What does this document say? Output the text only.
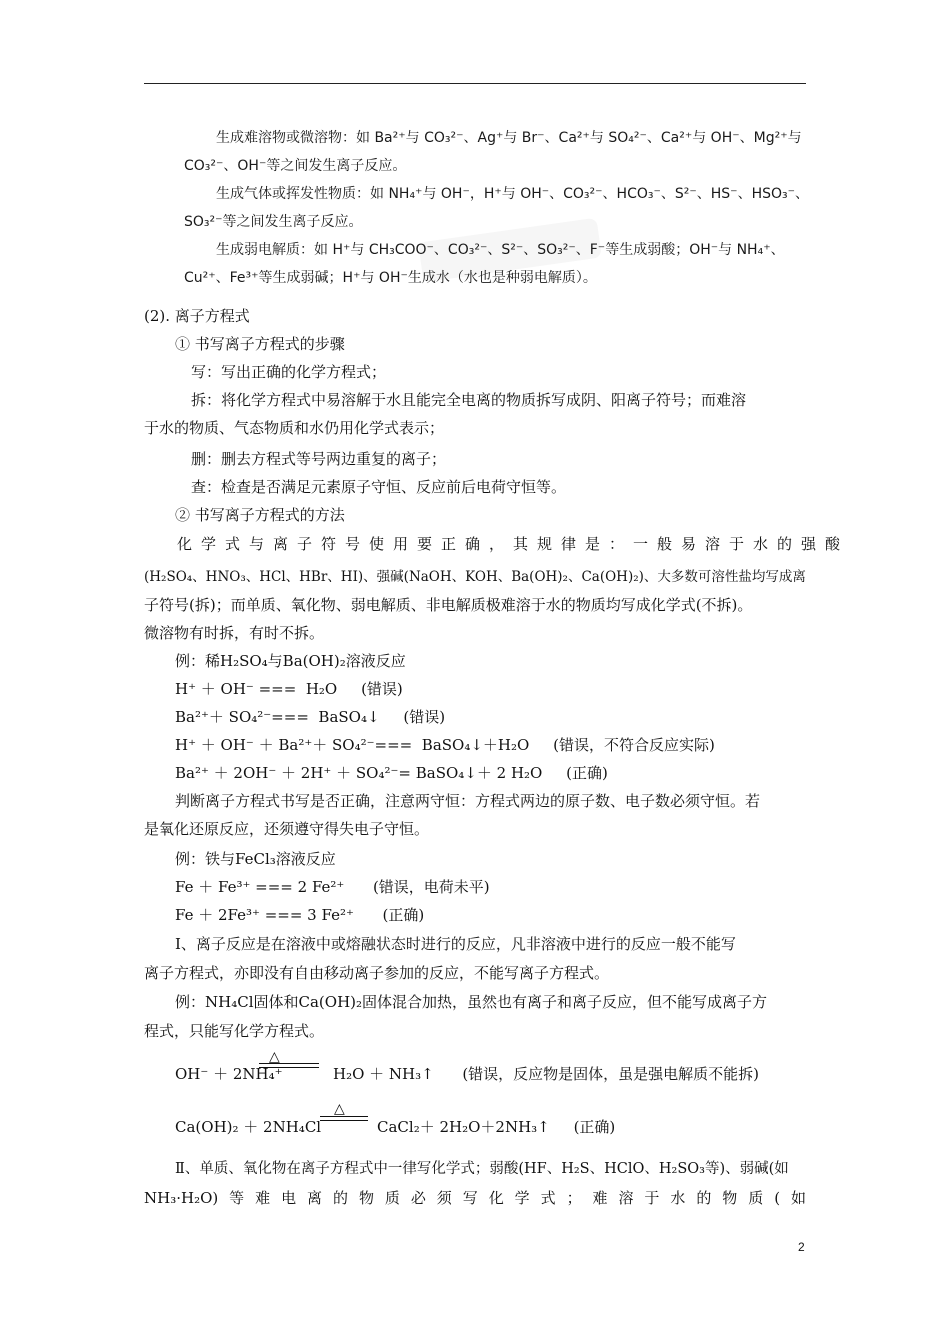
生成难溶物或微溶物：如 Ba²⁺与 CO₃²⁻、Ag⁺与 Br⁻、Ca²⁺与 SO₄²⁻、Ca²⁺与 OH⁻、Mg²⁺与
CO₃²⁻、OH⁻等之间发生离子反应。
生成气体或挥发性物质：如 NH₄⁺与 OH⁻，H⁺与 OH⁻、CO₃²⁻、HCO₃⁻、S²⁻、HS⁻、HSO₃⁻、
SO₃²⁻等之间发生离子反应。
生成弱电解质：如 H⁺与 CH₃COO⁻、CO₃²⁻、S²⁻、SO₃²⁻、F⁻等生成弱酸；OH⁻与 NH₄⁺、
Cu²⁺、Fe³⁺等生成弱碱；H⁺与 OH⁻生成水（水也是种弱电解质）。
(2). 离子方程式
① 书写离子方程式的步骤
写：写出正确的化学方程式；
拆：将化学方程式中易溶解于水且能完全电离的物质拆写成阴、阳离子符号；而难溶
于水的物质、气态物质和水仍用化学式表示；
删：删去方程式等号两边重复的离子；
查：检查是否满足元素原子守恒、反应前后电荷守恒等。
② 书写离子方程式的方法
化学式与离子符号使用要正确，其规律是：一般易溶于水的强酸
(H₂SO₄、HNO₃、HCl、HBr、HI)、强碱(NaOH、KOH、Ba(OH)₂、Ca(OH)₂)、大多数可溶性盐均写成离
子符号(拆)；而单质、氧化物、弱电解质、非电解质极难溶于水的物质均写成化学式(不拆)。
微溶物有时拆，有时不拆。
例：稀H₂SO₄与Ba(OH)₂溶液反应
H⁺ ＋ OH⁻ ===  H₂O     (错误)
Ba²⁺＋ SO₄²⁻===  BaSO₄↓     (错误)
H⁺ ＋ OH⁻ ＋ Ba²⁺＋ SO₄²⁻===  BaSO₄↓＋H₂O     (错误，不符合反应实际)
Ba²⁺ ＋ 2OH⁻ ＋ 2H⁺ ＋ SO₄²⁻= BaSO₄↓＋ 2 H₂O     (正确)
判断离子方程式书写是否正确，注意两守恒：方程式两边的原子数、电子数必须守恒。若
是氧化还原反应，还须遵守得失电子守恒。
例：铁与FeCl₃溶液反应
Fe ＋ Fe³⁺ === 2 Fe²⁺      (错误，电荷未平)
Fe ＋ 2Fe³⁺ === 3 Fe²⁺      (正确)
Ⅰ、离子反应是在溶液中或熔融状态时进行的反应，凡非溶液中进行的反应一般不能写
离子方程式，亦即没有自由移动离子参加的反应，不能写离子方程式。
例：NH₄Cl固体和Ca(OH)₂固体混合加热，虽然也有离子和离子反应，但不能写成离子方
程式，只能写化学方程式。
OH⁻ ＋ 2NH₄⁺
△
H₂O ＋ NH₃↑      (错误，反应物是固体，虽是强电解质不能拆)
Ca(OH)₂ ＋ 2NH₄Cl
△
CaCl₂＋ 2H₂O＋2NH₃↑     (正确)
Ⅱ、单质、氧化物在离子方程式中一律写化学式；弱酸(HF、H₂S、HClO、H₂SO₃等)、弱碱(如
NH₃·H₂O) 等 难 电 离 的 物 质 必 须 写 化 学 式 ； 难 溶 于 水 的 物 质 ( 如
2
